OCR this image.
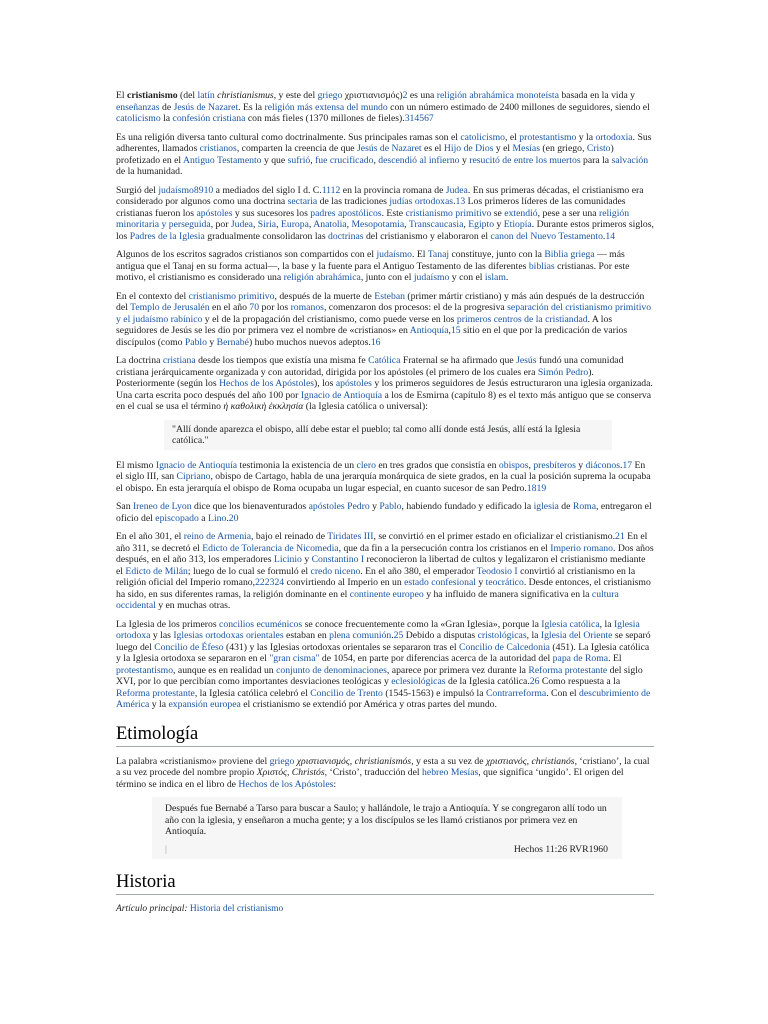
El cristianismo (del latín christianismus, y este del griego χριστιανισμός)2 es una religión abrahámica monoteísta basada en la vida y enseñanzas de Jesús de Nazaret. Es la religión más extensa del mundo con un número estimado de 2400 millones de seguidores, siendo el catolicismo la confesión cristiana con más fieles (1370 millones de fieles).314567

Es una religión diversa tanto cultural como doctrinalmente. Sus principales ramas son el catolicismo, el protestantismo y la ortodoxia. Sus adherentes, llamados cristianos, comparten la creencia de que Jesús de Nazaret es el Hijo de Dios y el Mesías (en griego, Cristo) profetizado en el Antiguo Testamento y que sufrió, fue crucificado, descendió al infierno y resucitó de entre los muertos para la salvación de la humanidad.

Surgió del judaísmo8910 a mediados del siglo I d. C.1112 en la provincia romana de Judea. En sus primeras décadas, el cristianismo era considerado por algunos como una doctrina sectaria de las tradiciones judías ortodoxas.13 Los primeros líderes de las comunidades cristianas fueron los apóstoles y sus sucesores los padres apostólicos. Este cristianismo primitivo se extendió, pese a ser una religión minoritaria y perseguida, por Judea, Siria, Europa, Anatolia, Mesopotamia, Transcaucasia, Egipto y Etiopía. Durante estos primeros siglos, los Padres de la Iglesia gradualmente consolidaron las doctrinas del cristianismo y elaboraron el canon del Nuevo Testamento.14

Algunos de los escritos sagrados cristianos son compartidos con el judaísmo. El Tanaj constituye, junto con la Biblia griega — más antigua que el Tanaj en su forma actual—, la base y la fuente para el Antiguo Testamento de las diferentes biblias cristianas. Por este motivo, el cristianismo es considerado una religión abrahámica, junto con el judaísmo y con el islam.

En el contexto del cristianismo primitivo, después de la muerte de Esteban (primer mártir cristiano) y más aún después de la destrucción del Templo de Jerusalén en el año 70 por los romanos, comenzaron dos procesos: el de la progresiva separación del cristianismo primitivo y el judaísmo rabínico y el de la propagación del cristianismo, como puede verse en los primeros centros de la cristiandad. A los seguidores de Jesús se les dio por primera vez el nombre de «cristianos» en Antioquía,15 sitio en el que por la predicación de varios discípulos (como Pablo y Bernabé) hubo muchos nuevos adeptos.16

La doctrina cristiana desde los tiempos que existía una misma fe Católica Fraternal se ha afirmado que Jesús fundó una comunidad cristiana jerárquicamente organizada y con autoridad, dirigida por los apóstoles (el primero de los cuales era Simón Pedro). Posteriormente (según los Hechos de los Apóstoles), los apóstoles y los primeros seguidores de Jesús estructuraron una iglesia organizada. Una carta escrita poco después del año 100 por Ignacio de Antioquía a los de Esmirna (capítulo 8) es el texto más antiguo que se conserva en el cual se usa el término ἡ καθολικὴ ἐκκλησία (la Iglesia católica o universal):

"Allí donde aparezca el obispo, allí debe estar el pueblo; tal como allí donde está Jesús, allí está la Iglesia católica."

El mismo Ignacio de Antioquía testimonia la existencia de un clero en tres grados que consistía en obispos, presbíteros y diáconos.17 En el siglo III, san Cipriano, obispo de Cartago, habla de una jerarquía monárquica de siete grados, en la cual la posición suprema la ocupaba el obispo. En esta jerarquía el obispo de Roma ocupaba un lugar especial, en cuanto sucesor de san Pedro.1819

San Ireneo de Lyon dice que los bienaventurados apóstoles Pedro y Pablo, habiendo fundado y edificado la iglesia de Roma, entregaron el oficio del episcopado a Lino.20

En el año 301, el reino de Armenia, bajo el reinado de Tiridates III, se convirtió en el primer estado en oficializar el cristianismo.21 En el año 311, se decretó el Edicto de Tolerancia de Nicomedia, que da fin a la persecución contra los cristianos en el Imperio romano. Dos años después, en el año 313, los emperadores Licinio y Constantino I reconocieron la libertad de cultos y legalizaron el cristianismo mediante el Edicto de Milán; luego de lo cual se formuló el credo niceno. En el año 380, el emperador Teodosio I convirtió al cristianismo en la religión oficial del Imperio romano,222324 convirtiendo al Imperio en un estado confesional y teocrático. Desde entonces, el cristianismo ha sido, en sus diferentes ramas, la religión dominante en el continente europeo y ha influido de manera significativa en la cultura occidental y en muchas otras.

La Iglesia de los primeros concilios ecuménicos se conoce frecuentemente como la «Gran Iglesia», porque la Iglesia católica, la Iglesia ortodoxa y las Iglesias ortodoxas orientales estaban en plena comunión.25 Debido a disputas cristológicas, la Iglesia del Oriente se separó luego del Concilio de Éfeso (431) y las Iglesias ortodoxas orientales se separaron tras el Concilio de Calcedonia (451). La Iglesia católica y la Iglesia ortodoxa se separaron en el "gran cisma" de 1054, en parte por diferencias acerca de la autoridad del papa de Roma. El protestantismo, aunque es en realidad un conjunto de denominaciones, aparece por primera vez durante la Reforma protestante del siglo XVI, por lo que percibían como importantes desviaciones teológicas y eclesiológicas de la Iglesia católica.26 Como respuesta a la Reforma protestante, la Iglesia católica celebró el Concilio de Trento (1545-1563) e impulsó la Contrarreforma. Con el descubrimiento de América y la expansión europea el cristianismo se extendió por América y otras partes del mundo.

Etimología

La palabra «cristianismo» proviene del griego χριστιανισμός, christianismós, y esta a su vez de χριστιανός, christianós, ‘cristiano’, la cual a su vez procede del nombre propio Χριστός, Christós, ‘Cristo’, traducción del hebreo Mesías, que significa ‘ungido’. El origen del término se indica en el libro de Hechos de los Apóstoles:

Después fue Bernabé a Tarso para buscar a Saulo; y hallándole, le trajo a Antioquía. Y se congregaron allí todo un año con la iglesia, y enseñaron a mucha gente; y a los discípulos se les llamó cristianos por primera vez en Antioquía.
|	Hechos 11:26 RVR1960
Historia
Artículo principal: Historia del cristianismo
